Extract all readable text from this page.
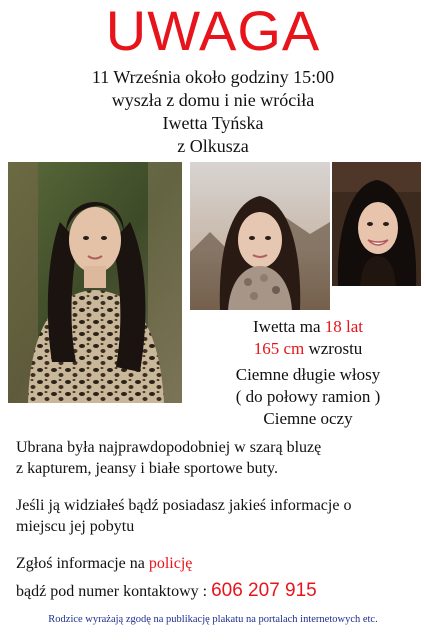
UWAGA
11 Września około godziny 15:00
wyszła z domu i nie wróciła
Iwetta Tyńska
z Olkusza
Iwetta ma 18 lat
165 cm wzrostu
Ciemne długie włosy
( do połowy ramion )
Ciemne oczy
Ubrana była najprawdopodobniej w szarą bluzę
z kapturem, jeansy i białe sportowe buty.
Jeśli ją widziałeś bądź posiadasz jakieś informacje o
miejscu jej pobytu
Zgłoś informacje na policję
bądź pod numer kontaktowy : 606 207 915
Rodzice wyrażają zgodę na publikację plakatu na portalach internetowych etc.
